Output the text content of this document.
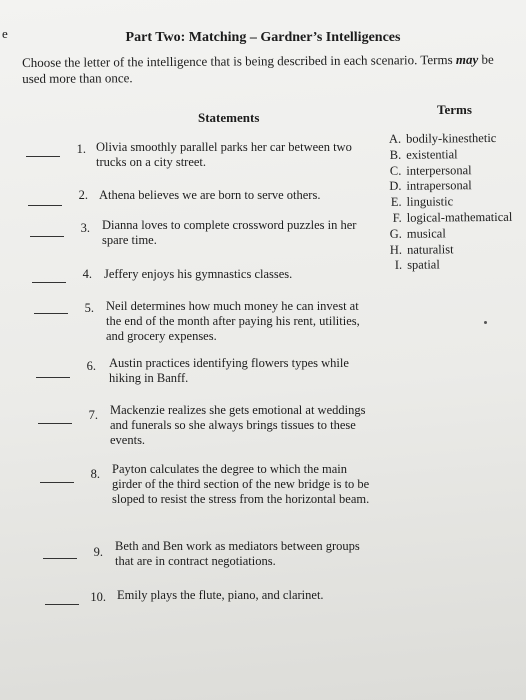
e	Part Two: Matching – Gardner’s Intelligences
Choose the letter of the intelligence that is being described in each scenario. Terms may be used more than once.
Statements
Terms
1. Olivia smoothly parallel parks her car between two trucks on a city street.
2. Athena believes we are born to serve others.
3. Dianna loves to complete crossword puzzles in her spare time.
4. Jeffery enjoys his gymnastics classes.
5. Neil determines how much money he can invest at the end of the month after paying his rent, utilities, and grocery expenses.
6. Austin practices identifying flowers types while hiking in Banff.
7. Mackenzie realizes she gets emotional at weddings and funerals so she always brings tissues to these events.
8. Payton calculates the degree to which the main girder of the third section of the new bridge is to be sloped to resist the stress from the horizontal beam.
9. Beth and Ben work as mediators between groups that are in contract negotiations.
10. Emily plays the flute, piano, and clarinet.
A. bodily-kinesthetic
B. existential
C. interpersonal
D. intrapersonal
E. linguistic
F. logical-mathematical
G. musical
H. naturalist
I. spatial
